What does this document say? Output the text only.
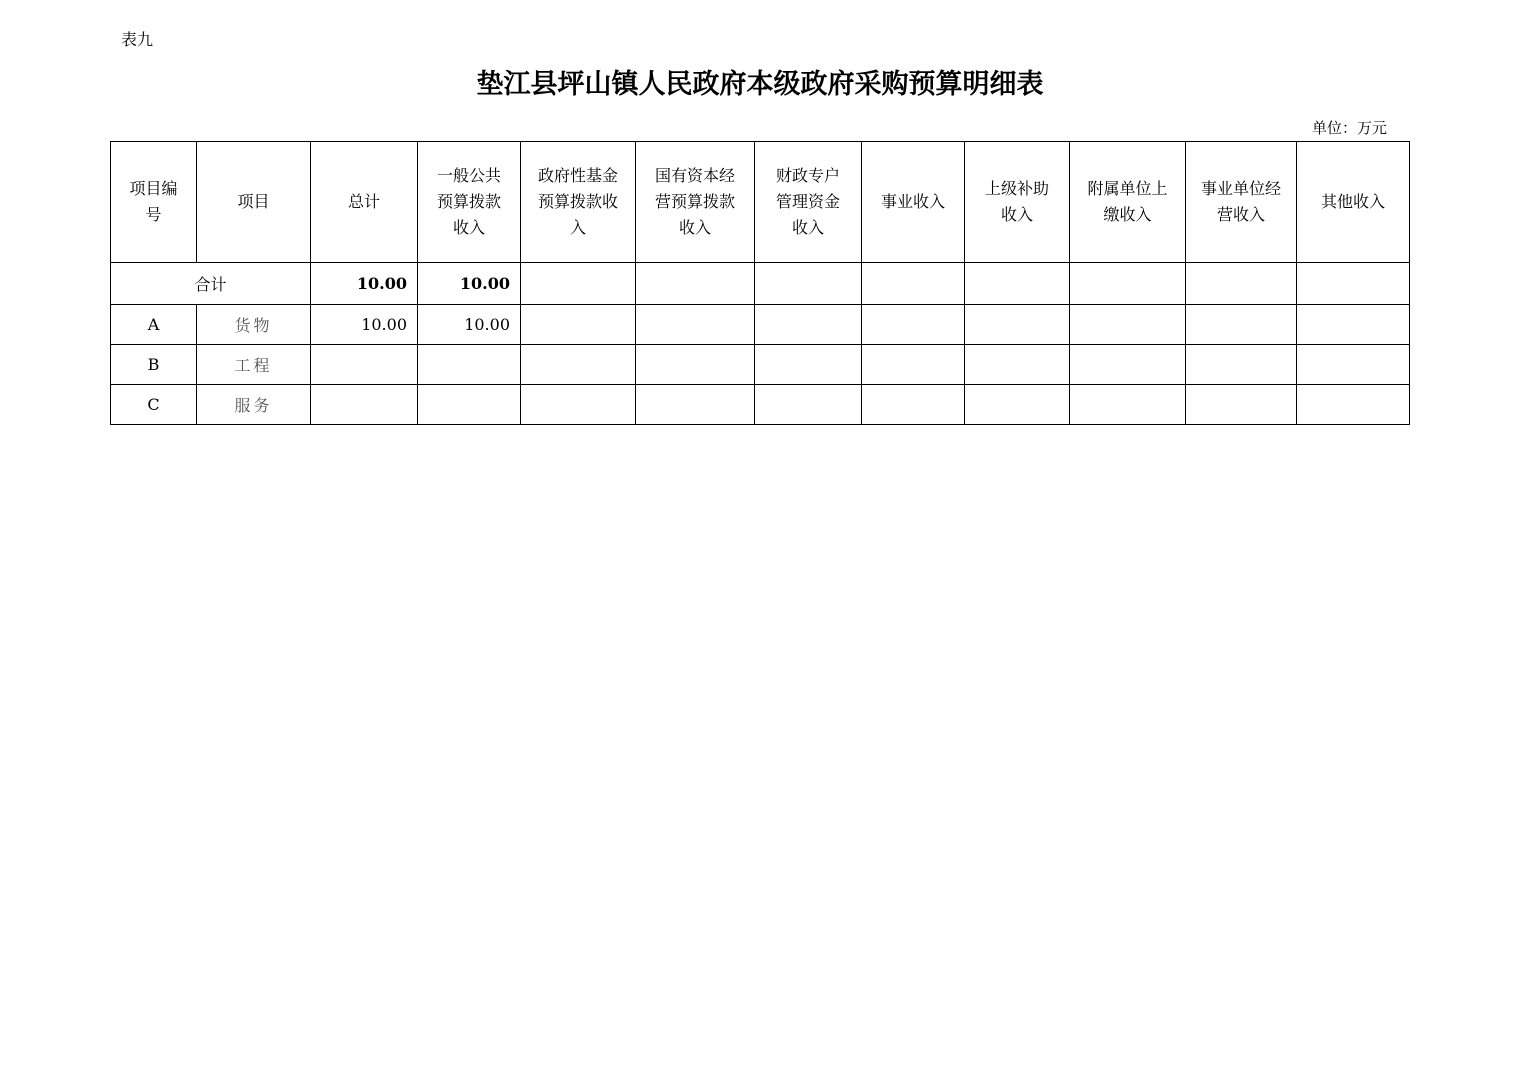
表九
垫江县坪山镇人民政府本级政府采购预算明细表
单位：万元
项目编号	项目	总计	一般公共预算拨款收入	政府性基金预算拨款收入	国有资本经营预算拨款收入	财政专户管理资金收入	事业收入	上级补助收入	附属单位上缴收入	事业单位经营收入	其他收入
合计		10.00	10.00								
A	货物	10.00	10.00								
B	工程										
C	服务										
